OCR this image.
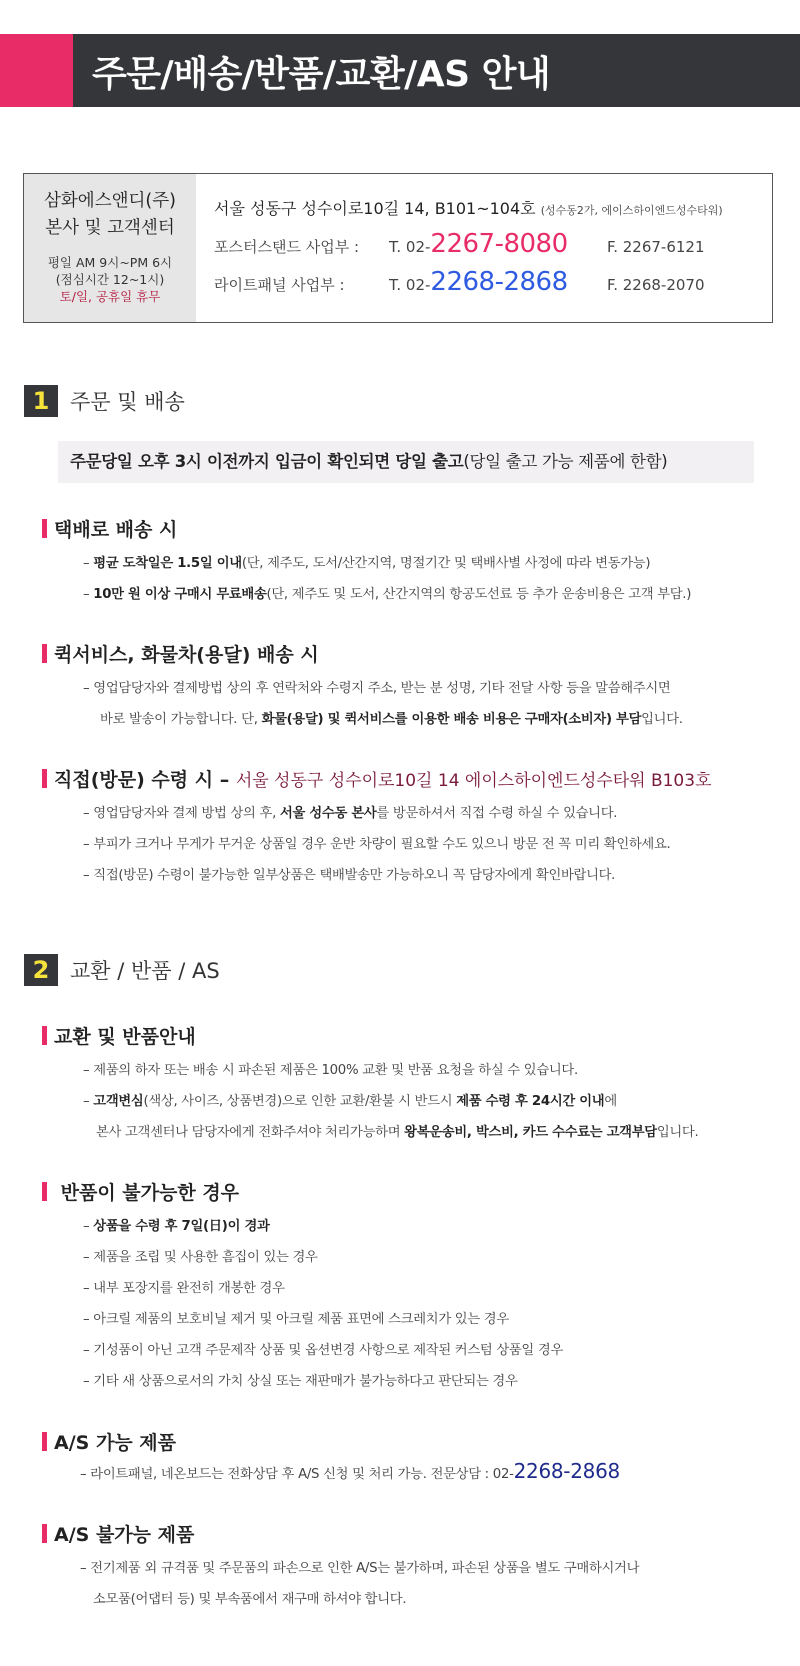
주문/배송/반품/교환/AS 안내
삼화에스앤디(주)
본사 및 고객센터
평일 AM 9시~PM 6시
(점심시간 12~1시)
토/일, 공휴일 휴무
서울 성동구 성수이로10길 14, B101~104호 (성수동2가, 에이스하이엔드성수타워)
포스터스탠드 사업부 : T. 02-2267-8080	F. 2267-6121
라이트패널 사업부 :	T. 02-2268-2868	F. 2268-2070
1 주문 및 배송
주문당일 오후 3시 이전까지 입금이 확인되면 당일 출고(당일 출고 가능 제품에 한함)
택배로 배송 시
– 평균 도착일은 1.5일 이내(단, 제주도, 도서/산간지역, 명절기간 및 택배사별 사정에 따라 변동가능)
– 10만 원 이상 구매시 무료배송(단, 제주도 및 도서, 산간지역의 항공도선료 등 추가 운송비용은 고객 부담.)
퀵서비스, 화물차(용달) 배송 시
– 영업담당자와 결제방법 상의 후 연락처와 수령지 주소, 받는 분 성명, 기타 전달 사항 등을 말씀해주시면
바로 발송이 가능합니다. 단, 화물(용달) 및 퀵서비스를 이용한 배송 비용은 구매자(소비자) 부담입니다.
직접(방문) 수령 시 – 서울 성동구 성수이로10길 14 에이스하이엔드성수타워 B103호
– 영업담당자와 결제 방법 상의 후, 서울 성수동 본사를 방문하셔서 직접 수령 하실 수 있습니다.
– 부피가 크거나 무게가 무거운 상품일 경우 운반 차량이 필요할 수도 있으니 방문 전 꼭 미리 확인하세요.
– 직접(방문) 수령이 불가능한 일부상품은 택배발송만 가능하오니 꼭 담당자에게 확인바랍니다.
2 교환 / 반품 / AS
교환 및 반품안내
– 제품의 하자 또는 배송 시 파손된 제품은 100% 교환 및 반품 요청을 하실 수 있습니다.
– 고객변심(색상, 사이즈, 상품변경)으로 인한 교환/환불 시 반드시 제품 수령 후 24시간 이내에
본사 고객센터나 담당자에게 전화주셔야 처리가능하며 왕복운송비, 박스비, 카드 수수료는 고객부담입니다.
반품이 불가능한 경우
– 상품을 수령 후 7일(日)이 경과
– 제품을 조립 및 사용한 흠집이 있는 경우
– 내부 포장지를 완전히 개봉한 경우
– 아크릴 제품의 보호비닐 제거 및 아크릴 제품 표면에 스크레치가 있는 경우
– 기성품이 아닌 고객 주문제작 상품 및 옵션변경 사항으로 제작된 커스텀 상품일 경우
– 기타 새 상품으로서의 가치 상실 또는 재판매가 불가능하다고 판단되는 경우
A/S 가능 제품
– 라이트패널, 네온보드는 전화상담 후 A/S 신청 및 처리 가능. 전문상담 : 02-2268-2868
A/S 불가능 제품
– 전기제품 외 규격품 및 주문품의 파손으로 인한 A/S는 불가하며, 파손된 상품을 별도 구매하시거나
소모품(어댑터 등) 및 부속품에서 재구매 하셔야 합니다.
